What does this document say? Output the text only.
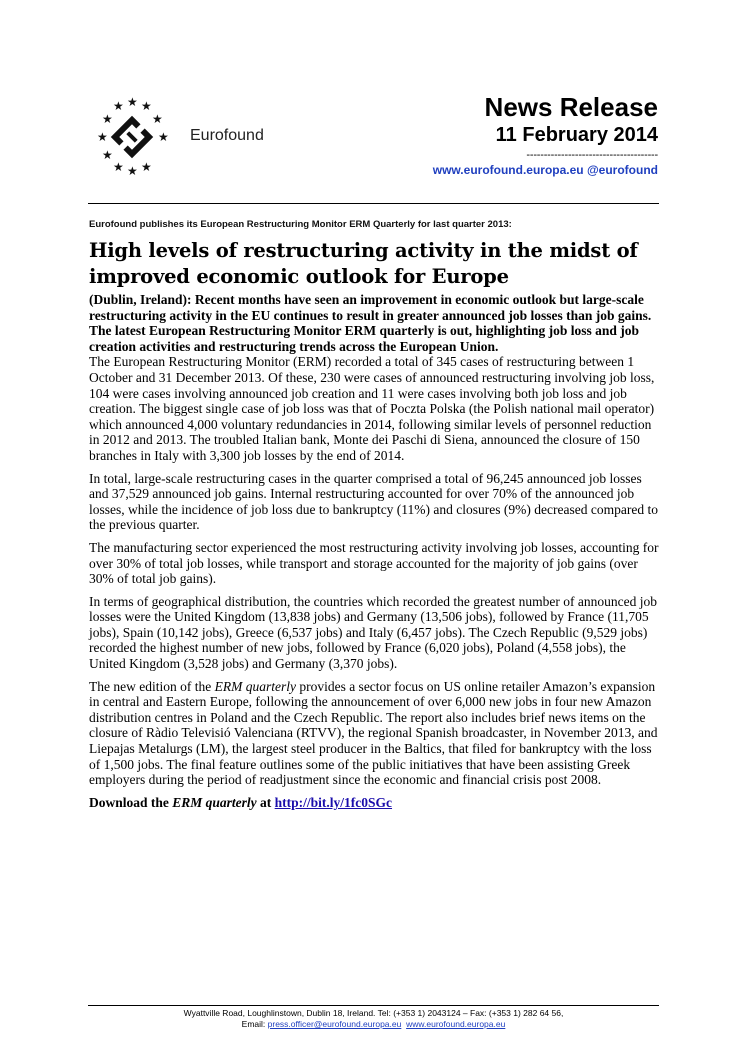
★ ★ ★
★	★
★	★
★
★ ★ ★
Eurofound
News Release
11 February 2014
--------------------------------------
www.eurofound.europa.eu @eurofound
Eurofound publishes its European Restructuring Monitor ERM Quarterly for last quarter 2013:
High levels of restructuring activity in the midst of improved economic outlook for Europe

(Dublin, Ireland): Recent months have seen an improvement in economic outlook but large-scale restructuring activity in the EU continues to result in greater announced job losses than job gains. The latest European Restructuring Monitor ERM quarterly is out, highlighting job loss and job creation activities and restructuring trends across the European Union.

The European Restructuring Monitor (ERM) recorded a total of 345 cases of restructuring between 1 October and 31 December 2013. Of these, 230 were cases of announced restructuring involving job loss, 104 were cases involving announced job creation and 11 were cases involving both job loss and job creation. The biggest single case of job loss was that of Poczta Polska (the Polish national mail operator) which announced 4,000 voluntary redundancies in 2014, following similar levels of personnel reduction in 2012 and 2013. The troubled Italian bank, Monte dei Paschi di Siena, announced the closure of 150 branches in Italy with 3,300 job losses by the end of 2014.

In total, large-scale restructuring cases in the quarter comprised a total of 96,245 announced job losses and 37,529 announced job gains. Internal restructuring accounted for over 70% of the announced job losses, while the incidence of job loss due to bankruptcy (11%) and closures (9%) decreased compared to the previous quarter.

The manufacturing sector experienced the most restructuring activity involving job losses, accounting for over 30% of total job losses, while transport and storage accounted for the majority of job gains (over 30% of total job gains).

In terms of geographical distribution, the countries which recorded the greatest number of announced job losses were the United Kingdom (13,838 jobs) and Germany (13,506 jobs), followed by France (11,705 jobs), Spain (10,142 jobs), Greece (6,537 jobs) and Italy (6,457 jobs). The Czech Republic (9,529 jobs) recorded the highest number of new jobs, followed by France (6,020 jobs), Poland (4,558 jobs), the United Kingdom (3,528 jobs) and Germany (3,370 jobs).

The new edition of the ERM quarterly provides a sector focus on US online retailer Amazon’s expansion in central and Eastern Europe, following the announcement of over 6,000 new jobs in four new Amazon distribution centres in Poland and the Czech Republic. The report also includes brief news items on the closure of Ràdio Televisió Valenciana (RTVV), the regional Spanish broadcaster, in November 2013, and Liepajas Metalurgs (LM), the largest steel producer in the Baltics, that filed for bankruptcy with the loss of 1,500 jobs. The final feature outlines some of the public initiatives that have been assisting Greek employers during the period of readjustment since the economic and financial crisis post 2008.

Download the ERM quarterly at http://bit.ly/1fc0SGc

Wyattville Road, Loughlinstown, Dublin 18, Ireland. Tel: (+353 1) 2043124 – Fax: (+353 1) 282 64 56,
Email: press.officer@eurofound.europa.eu www.eurofound.europa.eu
